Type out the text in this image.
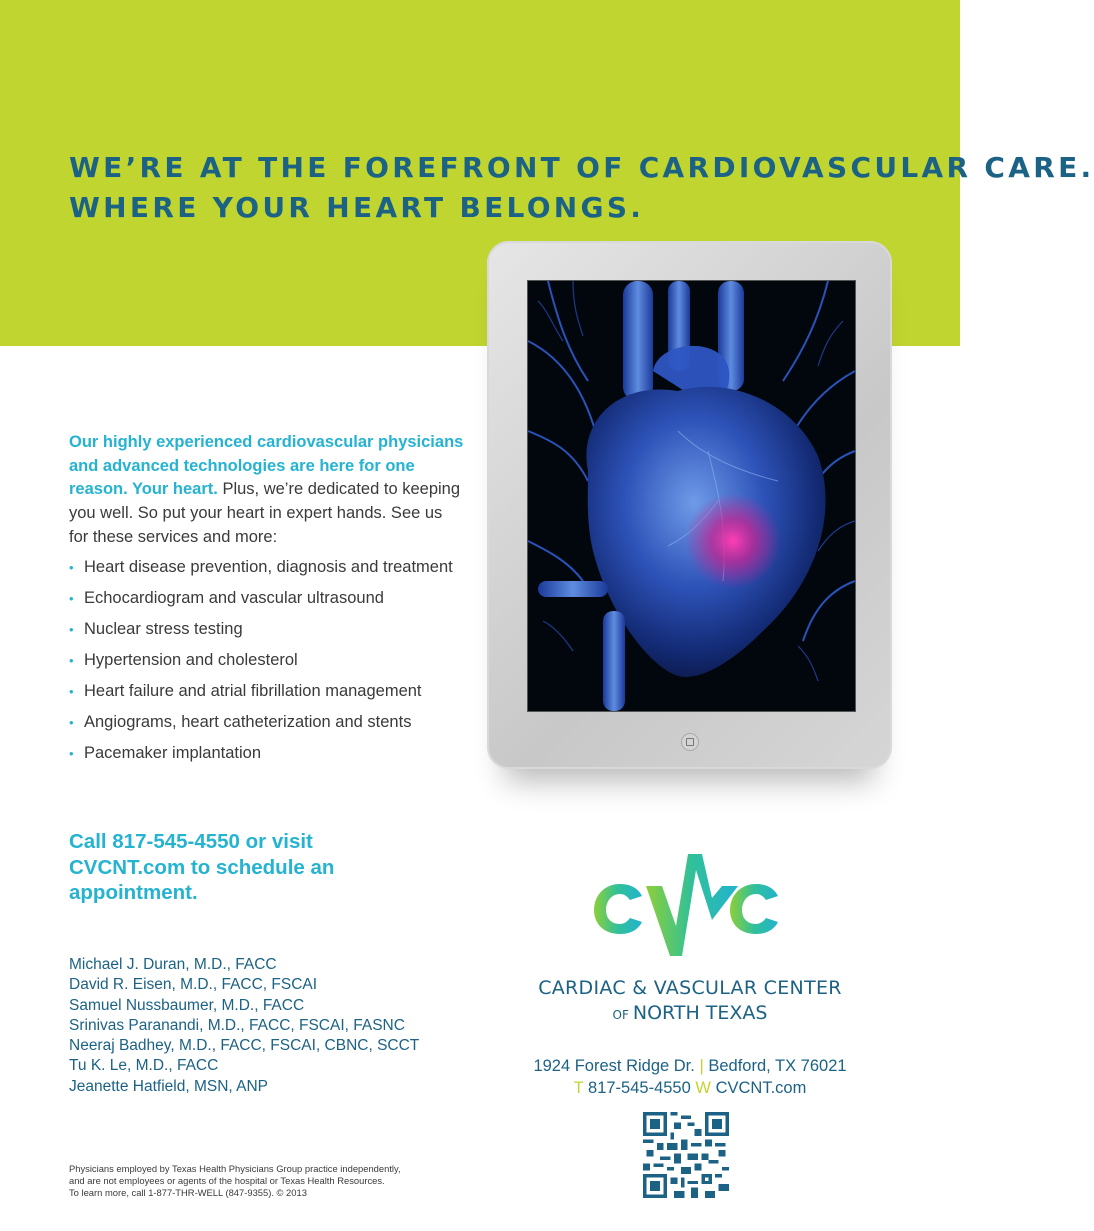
WE’RE AT THE FOREFRONT OF CARDIOVASCULAR CARE.
WHERE YOUR HEART BELONGS.

Our highly experienced cardiovascular physicians and advanced technologies are here for one reason. Your heart. Plus, we’re dedicated to keeping you well. So put your heart in expert hands. See us for these services and more:

• Heart disease prevention, diagnosis and treatment
• Echocardiogram and vascular ultrasound
• Nuclear stress testing
• Hypertension and cholesterol
• Heart failure and atrial fibrillation management
• Angiograms, heart catheterization and stents
• Pacemaker implantation
Call 817-545-4550 or visit CVCNT.com to schedule an appointment.
Michael J. Duran, M.D., FACC
David R. Eisen, M.D., FACC, FSCAI
Samuel Nussbaumer, M.D., FACC
Srinivas Paranandi, M.D., FACC, FSCAI, FASNC
Neeraj Badhey, M.D., FACC, FSCAI, CBNC, SCCT
Tu K. Le, M.D., FACC
Jeanette Hatfield, MSN, ANP
Physicians employed by Texas Health Physicians Group practice independently,
and are not employees or agents of the hospital or Texas Health Resources.
To learn more, call 1-877-THR-WELL (847-9355). © 2013
CARDIAC & VASCULAR CENTER
OF NORTH TEXAS
1924 Forest Ridge Dr. | Bedford, TX 76021
T 817-545-4550 W CVCNT.com
